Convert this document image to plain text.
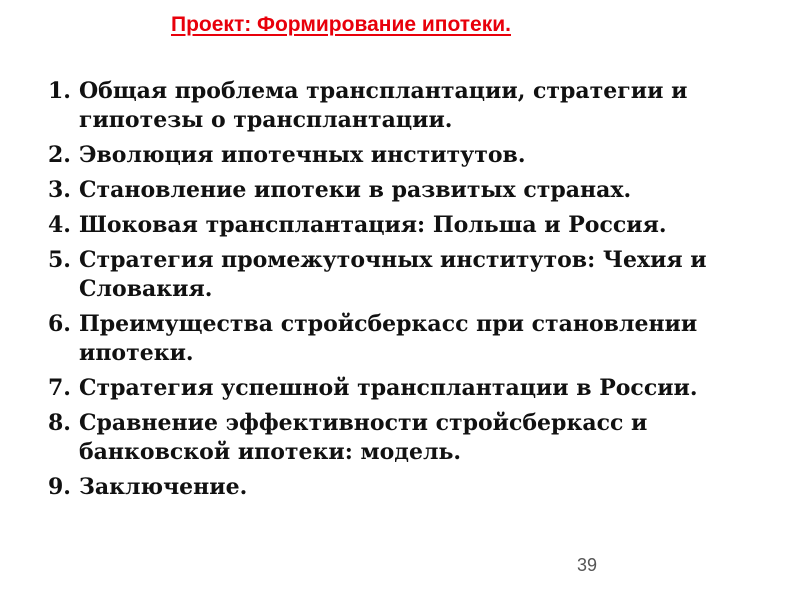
Проект: Формирование ипотеки.
1. Общая проблема трансплантации, стратегии и гипотезы о трансплантации.
2. Эволюция ипотечных институтов.
3. Становление ипотеки в развитых странах.
4. Шоковая трансплантация: Польша и Россия.
5. Стратегия промежуточных институтов: Чехия и Словакия.
6. Преимущества стройсберкасс при становлении ипотеки.
7. Стратегия успешной трансплантации в России.
8. Сравнение эффективности стройсберкасс и банковской ипотеки: модель.
9. Заключение.
39
